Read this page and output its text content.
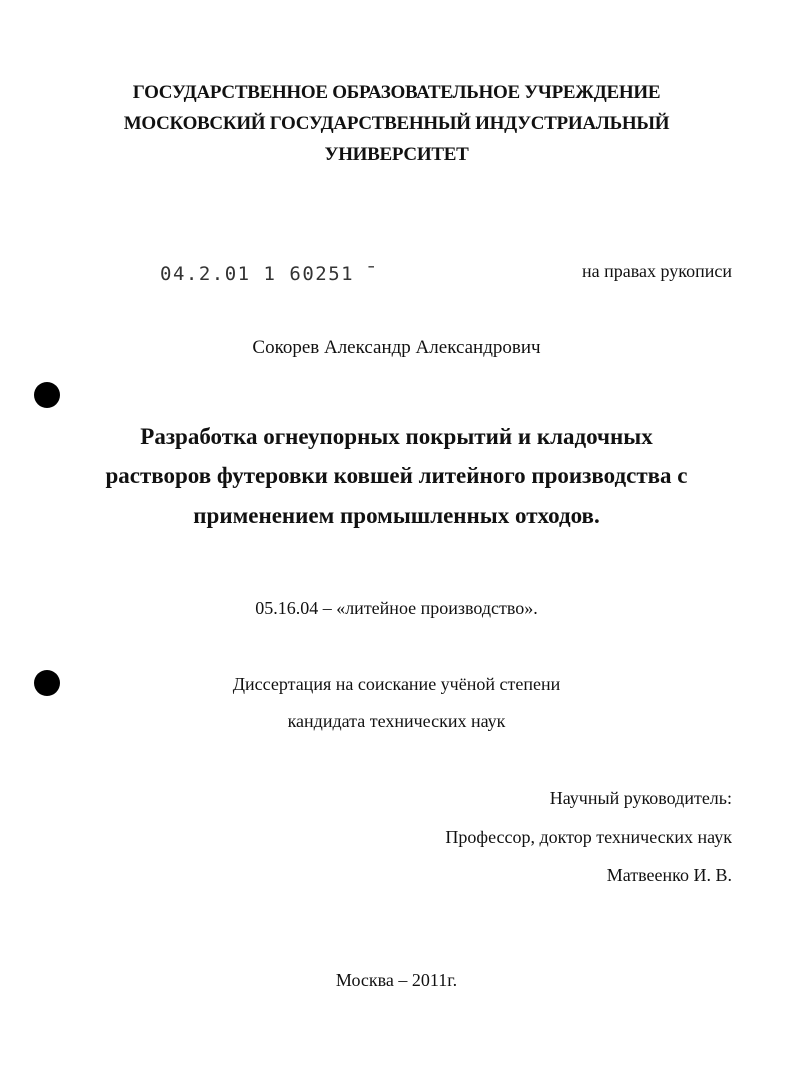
ГОСУДАРСТВЕННОЕ ОБРАЗОВАТЕЛЬНОЕ УЧРЕЖДЕНИЕ
МОСКОВСКИЙ ГОСУДАРСТВЕННЫЙ ИНДУСТРИАЛЬНЫЙ
УНИВЕРСИТЕТ
04.2.01 1 60251 ̄	на правах рукописи
Сокорев Александр Александрович
Разработка огнеупорных покрытий и кладочных
растворов футеровки ковшей литейного производства с
применением промышленных отходов.
05.16.04 – «литейное производство».
Диссертация на соискание учёной степени
кандидата технических наук
Научный руководитель:
Профессор, доктор технических наук
Матвеенко И. В.
Москва – 2011г.
